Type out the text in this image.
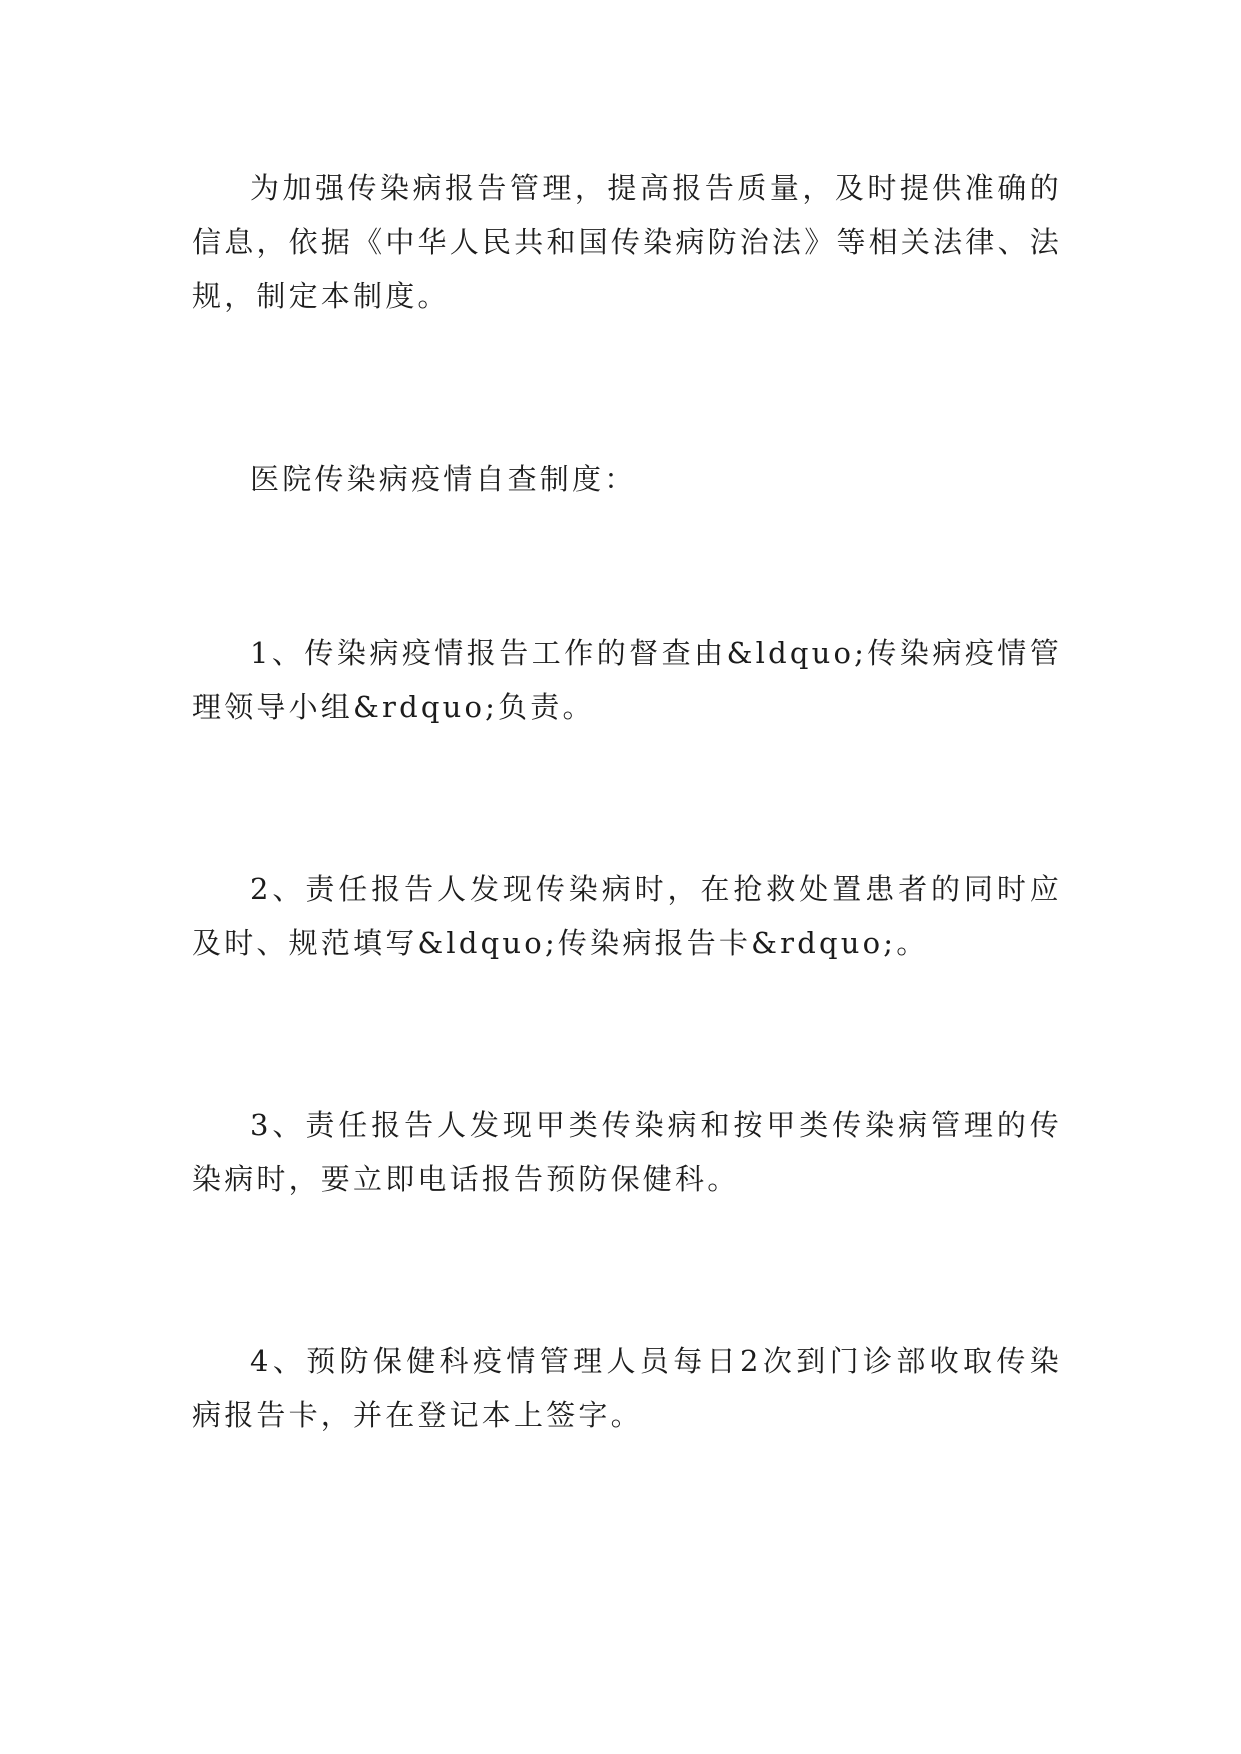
为加强传染病报告管理，提高报告质量，及时提供准确的信息，依据《中华人民共和国传染病防治法》等相关法律、法规，制定本制度。

医院传染病疫情自查制度：

1、传染病疫情报告工作的督查由&ldquo;传染病疫情管理领导小组&rdquo;负责。

2、责任报告人发现传染病时，在抢救处置患者的同时应及时、规范填写&ldquo;传染病报告卡&rdquo;。

3、责任报告人发现甲类传染病和按甲类传染病管理的传染病时，要立即电话报告预防保健科。

4、预防保健科疫情管理人员每日2次到门诊部收取传染病报告卡，并在登记本上签字。
